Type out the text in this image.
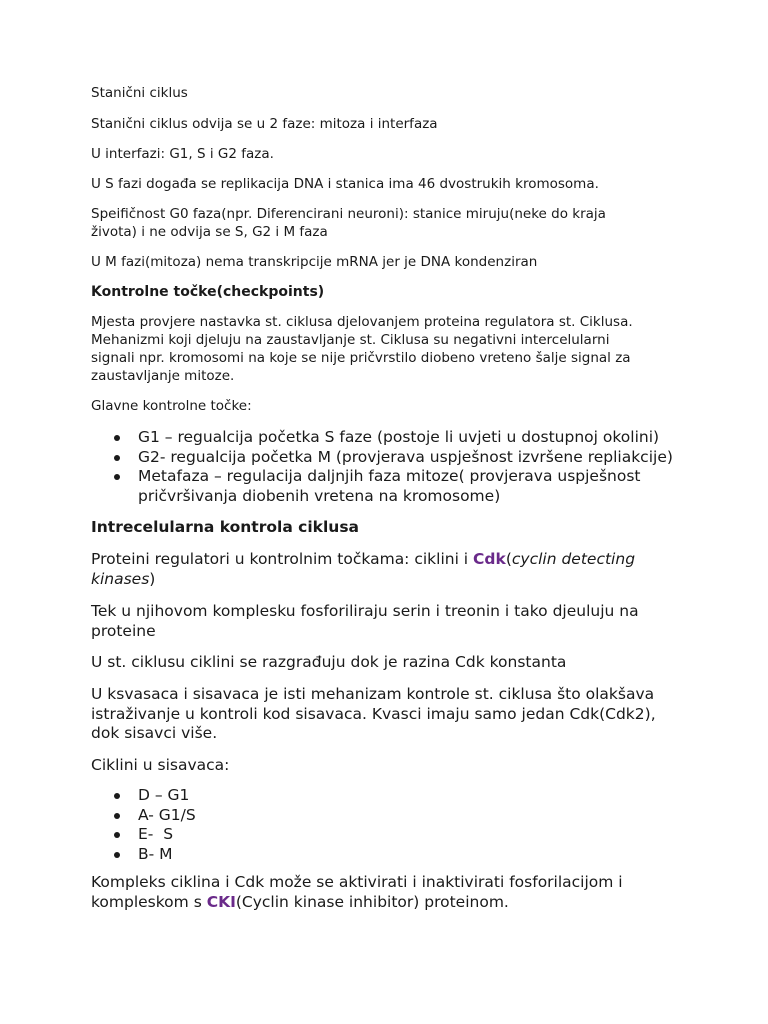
Stanični ciklus
Stanični ciklus odvija se u 2 faze: mitoza i interfaza
U interfazi: G1, S i G2 faza.
U S fazi događa se replikacija DNA i stanica ima 46 dvostrukih kromosoma.
Speifičnost G0 faza(npr. Diferencirani neuroni): stanice miruju(neke do kraja
života) i ne odvija se S, G2 i M faza
U M fazi(mitoza) nema transkripcije mRNA jer je DNA kondenziran
Kontrolne točke(checkpoints)
Mjesta provjere nastavka st. ciklusa djelovanjem proteina regulatora st. Ciklusa.
Mehanizmi koji djeluju na zaustavljanje st. Ciklusa su negativni intercelularni
signali npr. kromosomi na koje se nije pričvrstilo diobeno vreteno šalje signal za
zaustavljanje mitoze.
Glavne kontrolne točke:
G1 – regualcija početka S faze (postoje li uvjeti u dostupnoj okolini)
G2- regualcija početka M (provjerava uspješnost izvršene repliakcije)
Metafaza – regulacija daljnjih faza mitoze( provjerava uspješnost
pričvršivanja diobenih vretena na kromosome)
Intrecelularna kontrola ciklusa
Proteini regulatori u kontrolnim točkama: ciklini i Cdk(cyclin detecting
kinases)
Tek u njihovom komplesku fosforiliraju serin i treonin i tako djeuluju na
proteine
U st. ciklusu ciklini se razgrađuju dok je razina Cdk konstanta
U ksvasaca i sisavaca je isti mehanizam kontrole st. ciklusa što olakšava
istraživanje u kontroli kod sisavaca. Kvasci imaju samo jedan Cdk(Cdk2),
dok sisavci više.
Ciklini u sisavaca:
D – G1
A- G1/S
E-  S
B- M
Kompleks ciklina i Cdk može se aktivirati i inaktivirati fosforilacijom i
kompleskom s CKI(Cyclin kinase inhibitor) proteinom.
